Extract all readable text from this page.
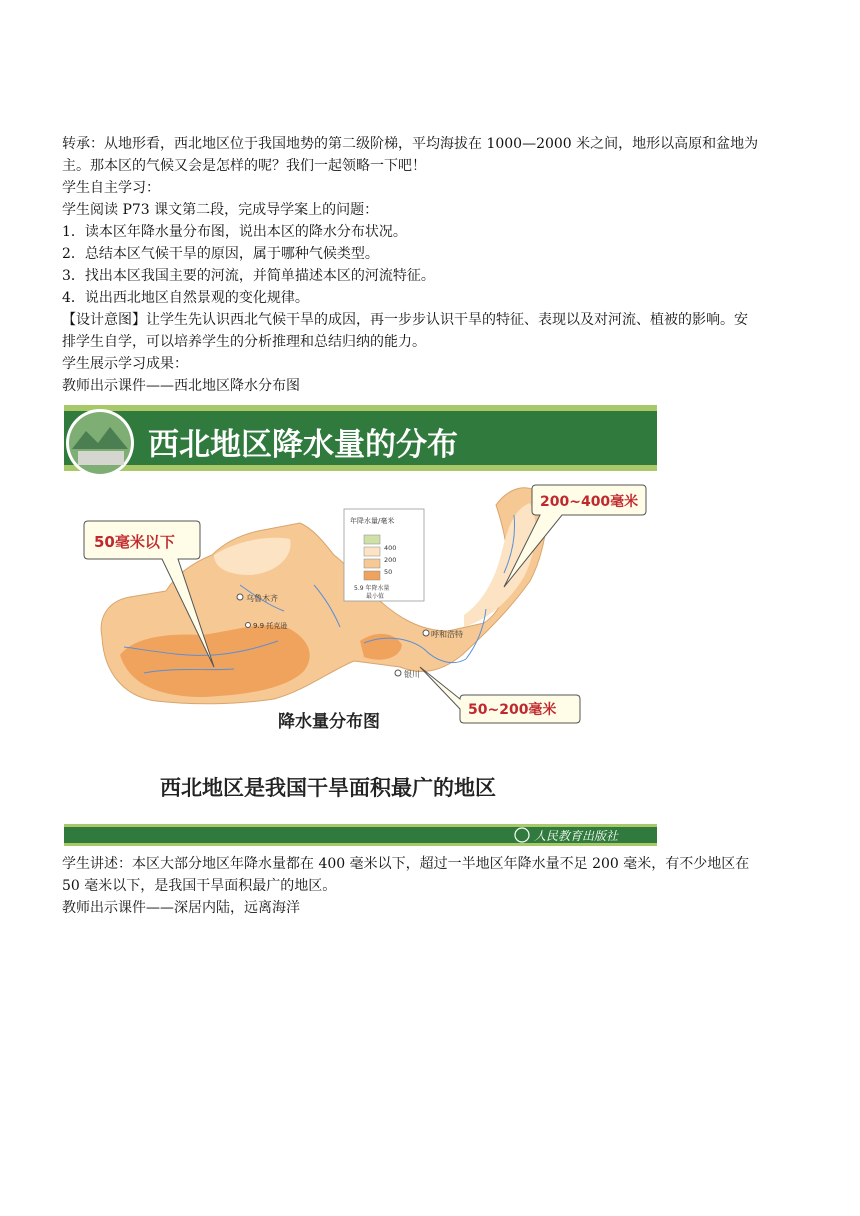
转承：从地形看，西北地区位于我国地势的第二级阶梯，平均海拔在 1000—2000 米之间，地形以高原和盆地为

主。那本区的气候又会是怎样的呢？我们一起领略一下吧！

学生自主学习：

学生阅读 P73 课文第二段，完成导学案上的问题：

1．读本区年降水量分布图，说出本区的降水分布状况。

2．总结本区气候干旱的原因，属于哪种气候类型。

3．找出本区我国主要的河流，并简单描述本区的河流特征。

4．说出西北地区自然景观的变化规律。

【设计意图】让学生先认识西北气候干旱的成因，再一步步认识干旱的特征、表现以及对河流、植被的影响。安

排学生自学，可以培养学生的分析推理和总结归纳的能力。

学生展示学习成果：

教师出示课件——西北地区降水分布图

西北地区降水量的分布
乌鲁木齐
9.9 托克逊
呼和浩特
银川
年降水量/毫米
400
200
50
5.9 年降水量
最小值
50毫米以下
200~400毫米
50~200毫米
降水量分布图
西北地区是我国干旱面积最广的地区
人民教育出版社

学生讲述：本区大部分地区年降水量都在 400 毫米以下，超过一半地区年降水量不足 200 毫米，有不少地区在

50 毫米以下，是我国干旱面积最广的地区。

教师出示课件——深居内陆，远离海洋
